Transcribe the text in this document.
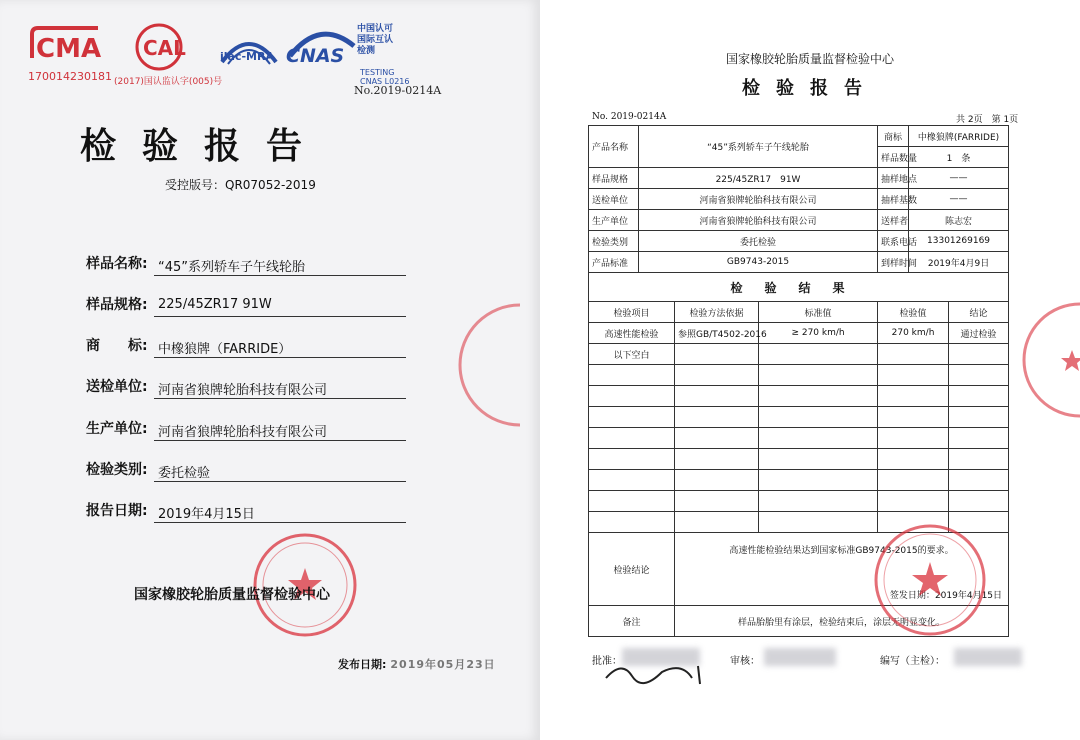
CMA
170014230181
CAL
(2017)国认监认字(005)号
ilac-MRA CNAS
中国认可
国际互认
检测
TESTING
CNAS L0216
No.2019-0214A
检验报告
受控版号：QR07052-2019
样品名称: “45”系列轿车子午线轮胎
样品规格: 225/45ZR17 91W
商　　标: 中橡狼牌（FARRIDE）
送检单位: 河南省狼牌轮胎科技有限公司
生产单位: 河南省狼牌轮胎科技有限公司
检验类别: 委托检验
报告日期: 2019年4月15日
国家橡胶轮胎质量监督检验中心
发布日期: 2019年05月23日
国家橡胶轮胎质量监督检验中心
检验报告
No. 2019-0214A	共 2页　第 1页
产品名称	“45”系列轿车子午线轮胎			商标	中橡狼牌(FARRIDE)	
				样品数量	1　条	
样品规格	225/45ZR17　91W			抽样地点	——	
送检单位	河南省狼牌轮胎科技有限公司			抽样基数	——	
生产单位	河南省狼牌轮胎科技有限公司			送样者	陈志宏	
检验类别	委托检验			联系电话	13301269169	
产品标准	GB9743-2015			到样时间	2019年4月9日	
检验结果						
检验项目		检验方法依据	标准值	检验值		结论
高速性能检验		参照GB/T4502-2016	≥ 270 km/h	270 km/h		通过检验
以下空白						

检验结论		高速性能检验结果达到国家标准GB9743-2015的要求。
签发日期：2019年4月15日				

备注		样品胎胎里有涂层，检验结束后，涂层无明显变化。				
批准：	审核：	编写（主检）：
